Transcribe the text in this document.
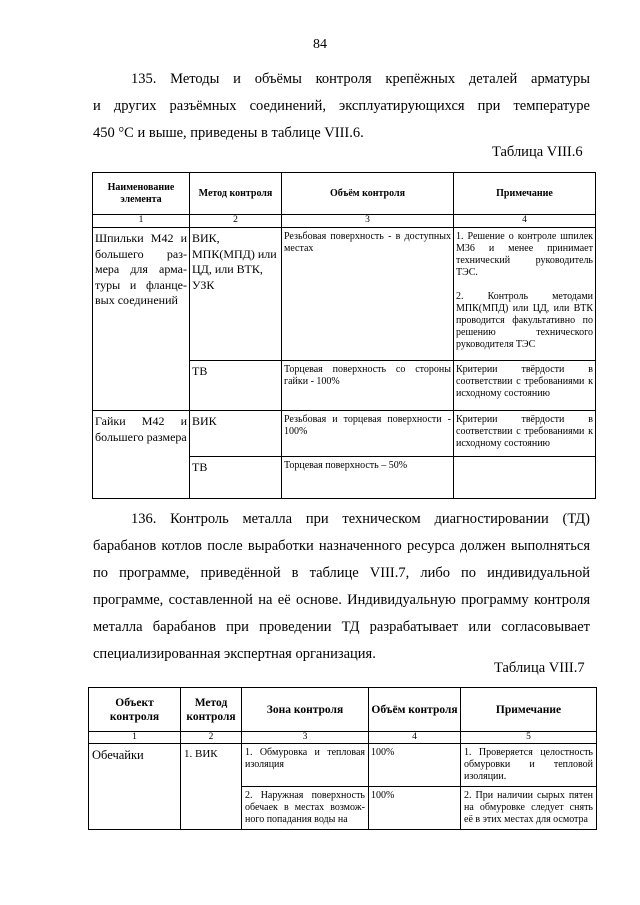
84
135. Методы и объёмы контроля крепёжных деталей арматуры
и других разъёмных соединений, эксплуатирующихся при температуре
450 °С и выше, приведены в таблице VIII.6.
Таблица VIII.6
Наименование элемента	Метод контроля	Объём контроля	Примечание
1	2	3	4
Шпильки М42 и большего раз-мера для арма-туры и фланце-вых соединений	ВИК, МПК(МПД) или ЦД, или ВТК, УЗК	Резьбовая поверхность - в доступных местах	1. Решение о контроле шпилек М36 и менее принимает технический руководитель ТЭС.
2. Контроль методами МПК(МПД) или ЦД, или ВТК проводится факультативно по решению технического руководителя ТЭС

	ТВ	Торцевая поверхность со стороны гайки - 100%	Критерии твёрдости в соответствии с требованиями к исходному состоянию
Гайки М42 и большего размера	ВИК	Резьбовая и торцевая поверхности - 100%	Критерии твёрдости в соответствии с требованиями к исходному состоянию
	ТВ	Торцевая поверхность – 50%	
136. Контроль металла при техническом диагностировании (ТД)
барабанов котлов после выработки назначенного ресурса должен выполняться
по программе, приведённой в таблице VIII.7, либо по индивидуальной
программе, составленной на её основе. Индивидуальную программу контроля
металла барабанов при проведении ТД разрабатывает или согласовывает
специализированная экспертная организация.
Таблица VIII.7
Объект контроля	Метод контроля	Зона контроля	Объём контроля	Примечание
1	2	3	4	5
Обечайки	1. ВИК	1. Обмуровка и тепловая изоляция	100%	1. Проверяется целостность обмуровки и тепловой изоляции.
		2. Наружная поверхность обечаек в местах возмож-ного попадания воды на	100%	2. При наличии сырых пятен на обмуровке следует снять её в этих местах для осмотра
